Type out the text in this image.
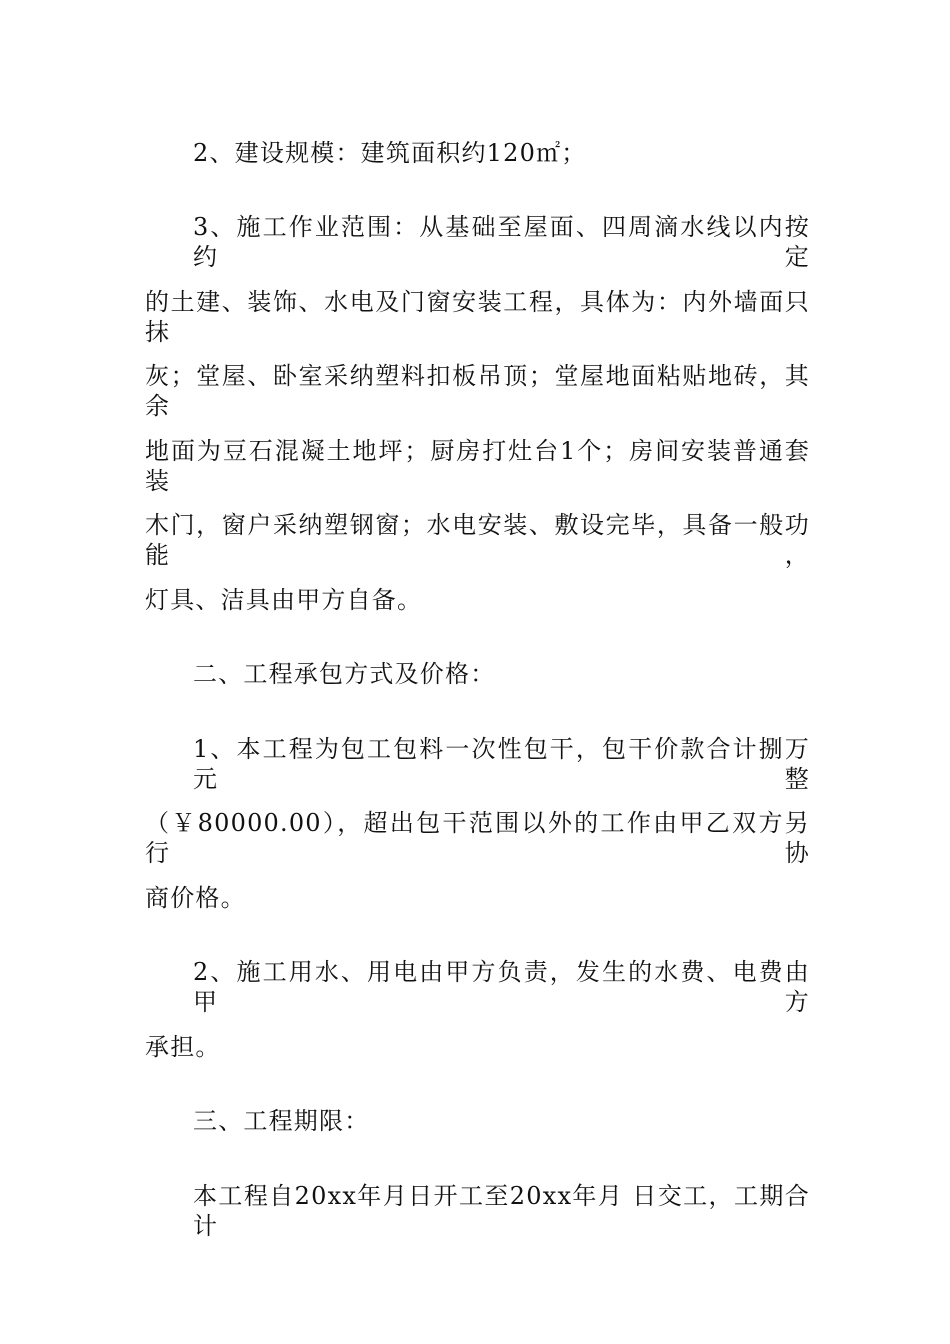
2、建设规模：建筑面积约120㎡；
3、施工作业范围：从基础至屋面、四周滴水线以内按约定
的土建、装饰、水电及门窗安装工程，具体为：内外墙面只抹
灰；堂屋、卧室采纳塑料扣板吊顶；堂屋地面粘贴地砖，其余
地面为豆石混凝土地坪；厨房打灶台1个；房间安装普通套装
木门，窗户采纳塑钢窗；水电安装、敷设完毕，具备一般功能，
灯具、洁具由甲方自备。
二、工程承包方式及价格：
1、本工程为包工包料一次性包干，包干价款合计捌万元整
（￥80000.00），超出包干范围以外的工作由甲乙双方另行协
商价格。
2、施工用水、用电由甲方负责，发生的水费、电费由甲方
承担。
三、工程期限：
本工程自20xx年月日开工至20xx年月 日交工，工期合计
